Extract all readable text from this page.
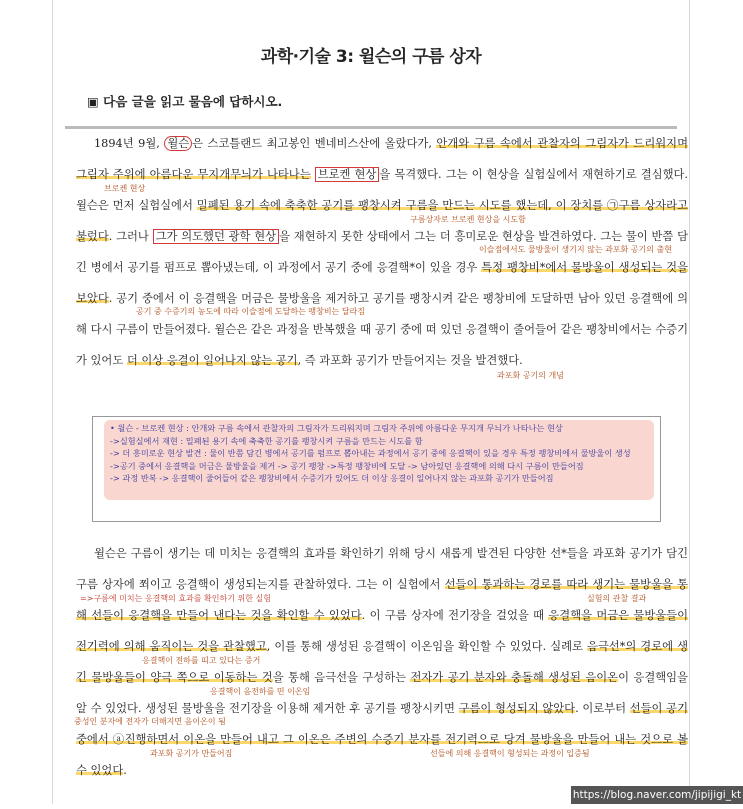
과학·기술 3: 윌슨의 구름 상자
▣ 다음 글을 읽고 물음에 답하시오.
1894년 9월, 윌슨 은 스코틀랜드 최고봉인 벤네비스산에 올랐다가, 안개와 구름 속에서 관찰자의 그림자가 드리워지며 그림자 주위에 아름다운 무지개무늬가 나타나는 브로켄 현상 을 목격했다. 그는 이 현상을 실험실에서 재현하기로 결심했다. 윌슨은 먼저 실험실에서 밀폐된 용기 속에 축축한 공기를 팽창시켜 구름을 만드는 시도를 했는데, 이 장치를 ㉠구름 상자라고 불렀다. 그러나 그가 의도했던 광학 현상 을 재현하지 못한 상태에서 그는 더 흥미로운 현상을 발견하였다. 그는 물이 반쯤 담긴 병에서 공기를 펌프로 뽑아냈는데, 이 과정에서 공기 중에 응결핵*이 있을 경우 특정 팽창비*에서 물방울이 생성되는 것을 보았다. 공기 중에서 이 응결핵을 머금은 물방울을 제거하고 공기를 팽창시켜 같은 팽창비에 도달하면 남아 있던 응결핵에 의해 다시 구름이 만들어졌다. 윌슨은 같은 과정을 반복했을 때 공기 중에 떠 있던 응결핵이 줄어들어 같은 팽창비에서는 수증기가 있어도 더 이상 응결이 일어나지 않는 공기, 즉 과포화 공기가 만들어지는 것을 발견했다.
브로켄 현상
구름상자로 브로켄 현상을 시도함
이슬점에서도 물방울이 생기지 않는 과포화 공기의 출현
공기 중 수증기의 농도에 따라 이슬점에 도달하는 팽창비는 달라짐
과포화 공기의 개념
• 윌슨 - 브로켄 현상 : 안개와 구름 속에서 관찰자의 그림자가 드리워지며 그림자 주위에 아름다운 무지개 무늬가 나타나는 현상
->실험실에서 재현 : 밀폐된 용기 속에 축축한 공기를 팽창시켜 구름을 만드는 시도를 함
-> 더 흥미로운 현상 발견 : 물이 반쯤 담긴 병에서 공기를 펌프로 뽑아내는 과정에서 공기 중에 응결핵이 있을 경우 특정 팽창비에서 물방울이 생성
->공기 중에서 응결핵을 머금은 물방울을 제거 -> 공기 팽창 ->특정 팽창비에 도달 -> 남아있던 응결핵에 의해 다시 구름이 만들어짐
-> 과정 반복 -> 응결핵이 줄어들어 같은 팽창비에서 수증기가 있어도 더 이상 응결이 일어나지 않는 과포화 공기가 만들어짐
윌슨은 구름이 생기는 데 미치는 응결핵의 효과를 확인하기 위해 당시 새롭게 발견된 다양한 선*들을 과포화 공기가 담긴 구름 상자에 쬐이고 응결핵이 생성되는지를 관찰하였다. 그는 이 실험에서 선들이 통과하는 경로를 따라 생기는 물방울을 통해 선들이 응결핵을 만들어 낸다는 것을 확인할 수 있었다. 이 구름 상자에 전기장을 걸었을 때 응결핵을 머금은 물방울들이 전기력에 의해 움직이는 것을 관찰했고, 이를 통해 생성된 응결핵이 이온임을 확인할 수 있었다. 실례로 음극선*의 경로에 생긴 물방울들이 양극 쪽으로 이동하는 것을 통해 음극선을 구성하는 전자가 공기 분자와 충돌해 생성된 음이온이 응결핵임을 알 수 있었다. 생성된 물방울을 전기장을 이용해 제거한 후 공기를 팽창시키면 구름이 형성되지 않았다. 이로부터 선들이 공기 중에서 ⓐ진행하면서 이온을 만들어 내고 그 이온은 주변의 수증기 분자를 전기력으로 당겨 물방울을 만들어 내는 것으로 볼 수 있었다.
=>구름에 미치는 응결핵의 효과를 확인하기 위한 실험	실험의 관찰 결과
응결핵이 전하를 띠고 있다는 증거
응결핵이 음전하를 띤 이온임
중성인 분자에 전자가 더해지면 음이온이 됨
과포화 공기가 만들어짐	선들에 의해 응결핵이 형성되는 과정이 입증됨
https://blog.naver.com/jipijigi_kt
